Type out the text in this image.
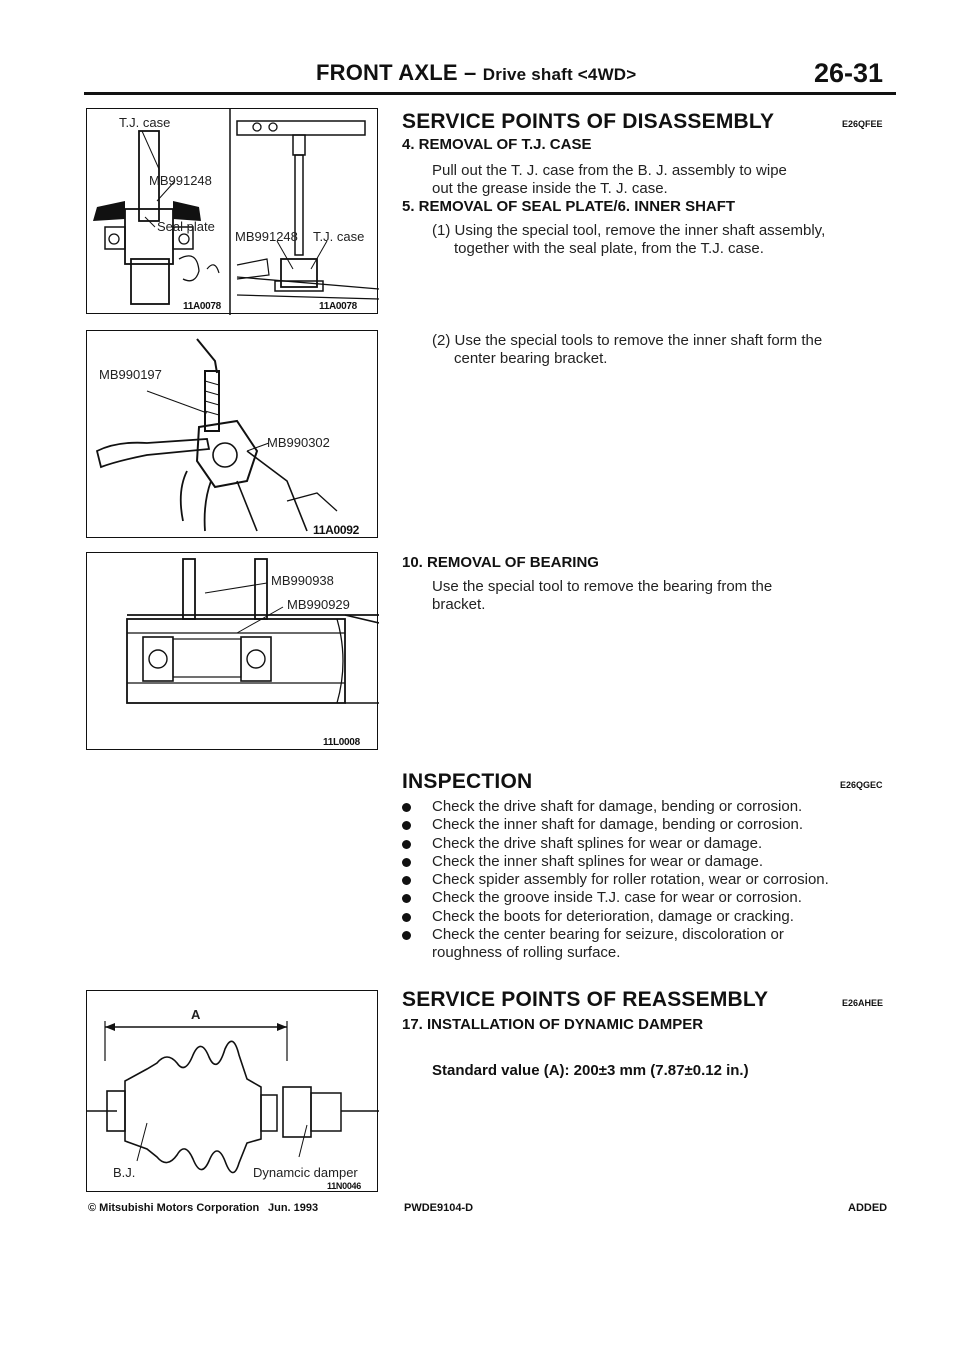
FRONT AXLE – Drive shaft <4WD>	26-31
T.J. case
MB991248
Seal plate
11A0078
MB991248 T.J. case
11A0078
MB990197
MB990302
11A0092
MB990938
MB990929
11L0008
A
B.J.	Dynamcic damper
11N0046
SERVICE POINTS OF DISASSEMBLY	E26QFEE
4. REMOVAL OF T.J. CASE
Pull out the T. J. case from the B. J. assembly to wipe
out the grease inside the T. J. case.
5. REMOVAL OF SEAL PLATE/6. INNER SHAFT
(1) Using the special tool, remove the inner shaft assembly,
together with the seal plate, from the T.J. case.
(2) Use the special tools to remove the inner shaft form the
center bearing bracket.
10. REMOVAL OF BEARING
Use the special tool to remove the bearing from the
bracket.
INSPECTION	E26QGEC
Check the drive shaft for damage, bending or corrosion.
Check the inner shaft for damage, bending or corrosion.
Check the drive shaft splines for wear or damage.
Check the inner shaft splines for wear or damage.
Check spider assembly for roller rotation, wear or corrosion.
Check the groove inside T.J. case for wear or corrosion.
Check the boots for deterioration, damage or cracking.
Check the center bearing for seizure, discoloration or
roughness of rolling surface.
SERVICE POINTS OF REASSEMBLY	E26AHEE
17. INSTALLATION OF DYNAMIC DAMPER
Standard value (A): 200±3 mm (7.87±0.12 in.)
© Mitsubishi Motors Corporation Jun. 1993	PWDE9104-D	ADDED
